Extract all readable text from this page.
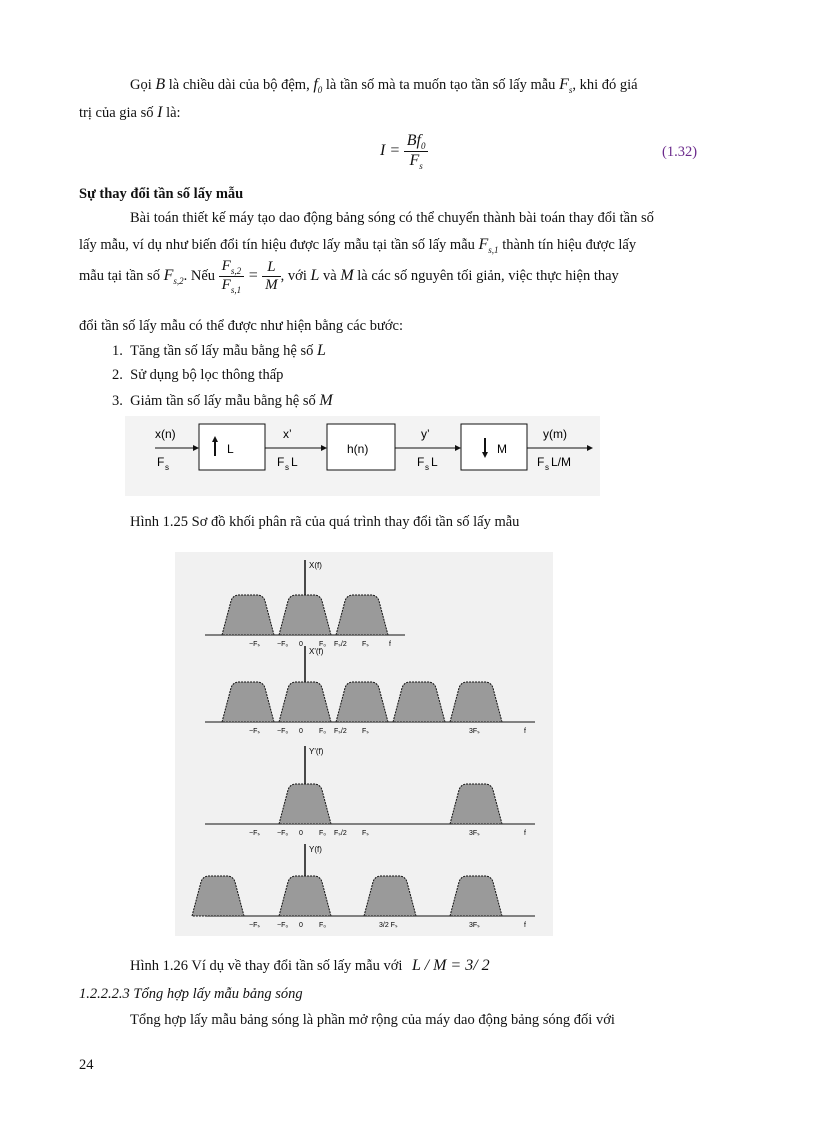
Gọi B là chiều dài của bộ đệm, $f_0$ là tần số mà ta muốn tạo tần số lấy mẫu $F_s$, khi đó giá
trị của gia số I là:
$I = \frac{Bf_0}{F_s}$	(1.32)
Sự thay đổi tần số lấy mẫu
Bài toán thiết kế máy tạo dao động bảng sóng có thể chuyển thành bài toán thay đổi tần số
lấy mẫu, ví dụ như biến đổi tín hiệu được lấy mẫu tại tần số lấy mẫu $F_{s,1}$ thành tín hiệu được lấy
mẫu tại tần số $F_{s,2}$. Nếu $\frac{F_{s,2}}{F_{s,1}} = \frac{L}{M}$ , với L và M là các số nguyên tối giản, việc thực hiện thay
đổi tần số lấy mẫu có thể được như hiện bằng các bước:
1. Tăng tần số lấy mẫu bằng hệ số L
2. Sử dụng bộ lọc thông thấp
3. Giảm tần số lấy mẫu bằng hệ số M
L	h(n)	M
x(n)
F s
x’
F s L
y’
F s L
y(m)
F s L/M
Hình 1.25 Sơ đồ khối phân rã của quá trình thay đổi tần số lấy mẫu
X(f)
−Fₛ −F₀ 0 F₀ Fₛ/2 Fₛ	f
X'(f)
−Fₛ −F₀ 0 F₀ Fₛ/2 Fₛ	3Fₛ	f
Y'(f)
−Fₛ −F₀ 0 F₀ Fₛ/2 Fₛ	3Fₛ	f
Y(f)
−Fₛ −F₀ 0 F₀	3/2 Fₛ	3Fₛ	f
Hình 1.26 Ví dụ về thay đổi tần số lấy mẫu với L / M = 3/ 2
1.2.2.2.3 Tổng hợp lấy mẫu bảng sóng
Tổng hợp lấy mẫu bảng sóng là phần mở rộng của máy dao động bảng sóng đối với
24
